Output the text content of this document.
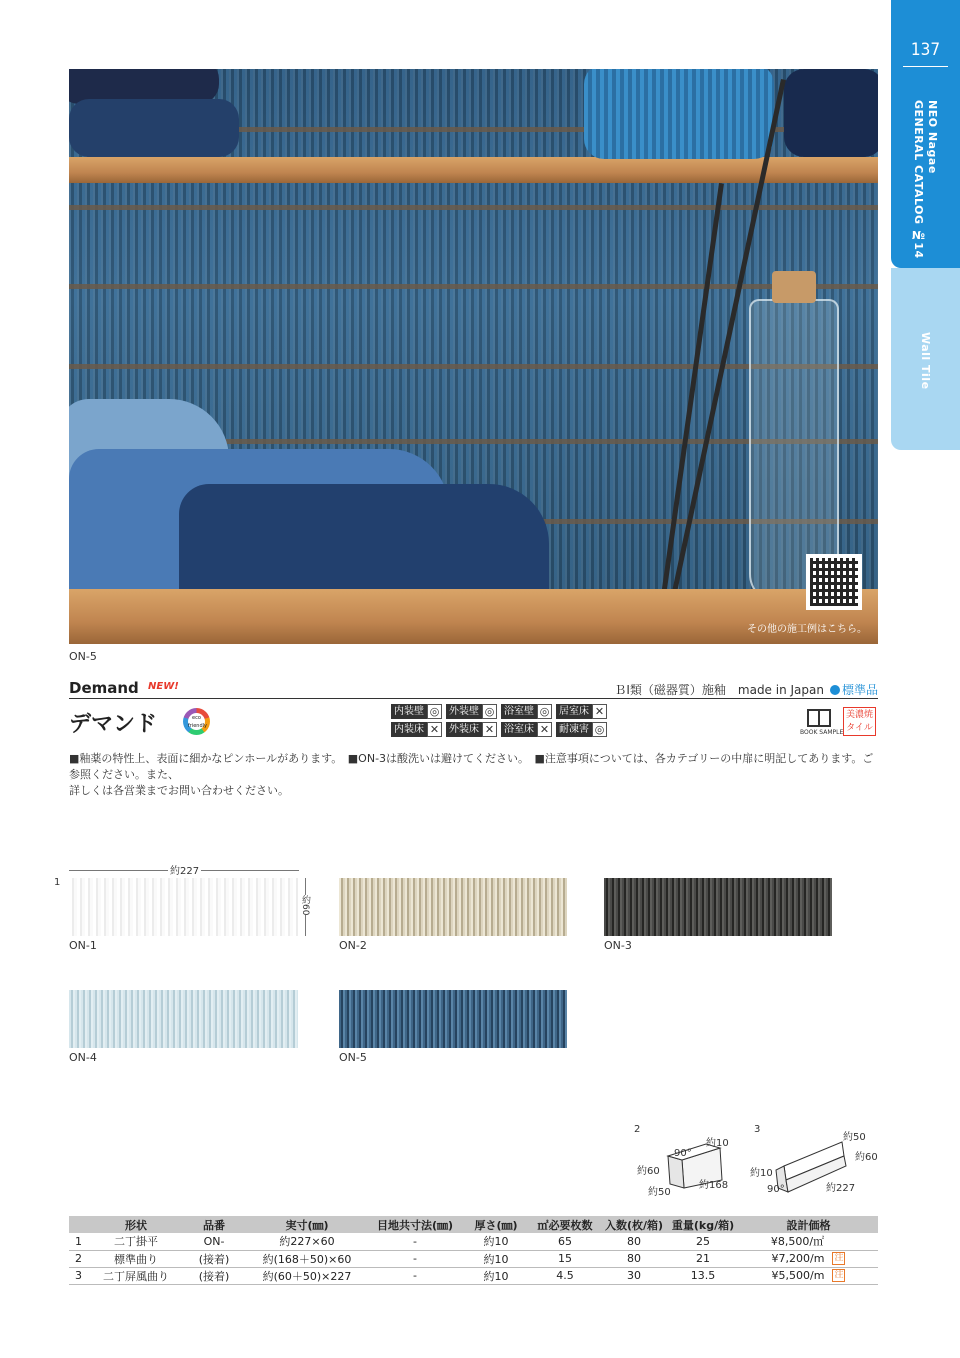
137
NEO Nagae
GENERAL CATALOG №14
Wall Tile
その他の施工例はこちら。
ON-5
Demand NEW!	ＢⅠ類（磁器質）施釉　made in Japan 標準品
デマンド	eco friendly
内装壁 ◎ 外装壁 ◎ 浴室壁 ◎ 居室床 ✕
内装床 ✕ 外装床 ✕ 浴室床 ✕ 耐凍害 ◎	BOOK SAMPLE
美濃焼
タイル
■釉薬の特性上、表面に細かなピンホールがあります。　■ON-3は酸洗いは避けてください。　■注意事項については、各カテゴリーの中扉に明記してあります。ご参照ください。また、
詳しくは各営業までお問い合わせください。
1
約227
約60
ON-1	ON-2	ON-3
ON-4	ON-5
2
約10
90°
約60
約50
約168
3
約50
約60
約10
90°	約227
	形状	品番	実寸(㎜)	目地共寸法(㎜)	厚さ(㎜)	㎡必要枚数	入数(枚/箱)	重量(kg/箱)	設計価格
1	二丁掛平	ON-	約227×60	-	約10	65	80	25	¥8,500/㎡
2	標準曲り	(接着)	約(168＋50)×60	-	約10	15	80	21	¥7,200/m 注
3	二丁屏風曲り	(接着)	約(60＋50)×227	-	約10	4.5	30	13.5	¥5,500/m 注
